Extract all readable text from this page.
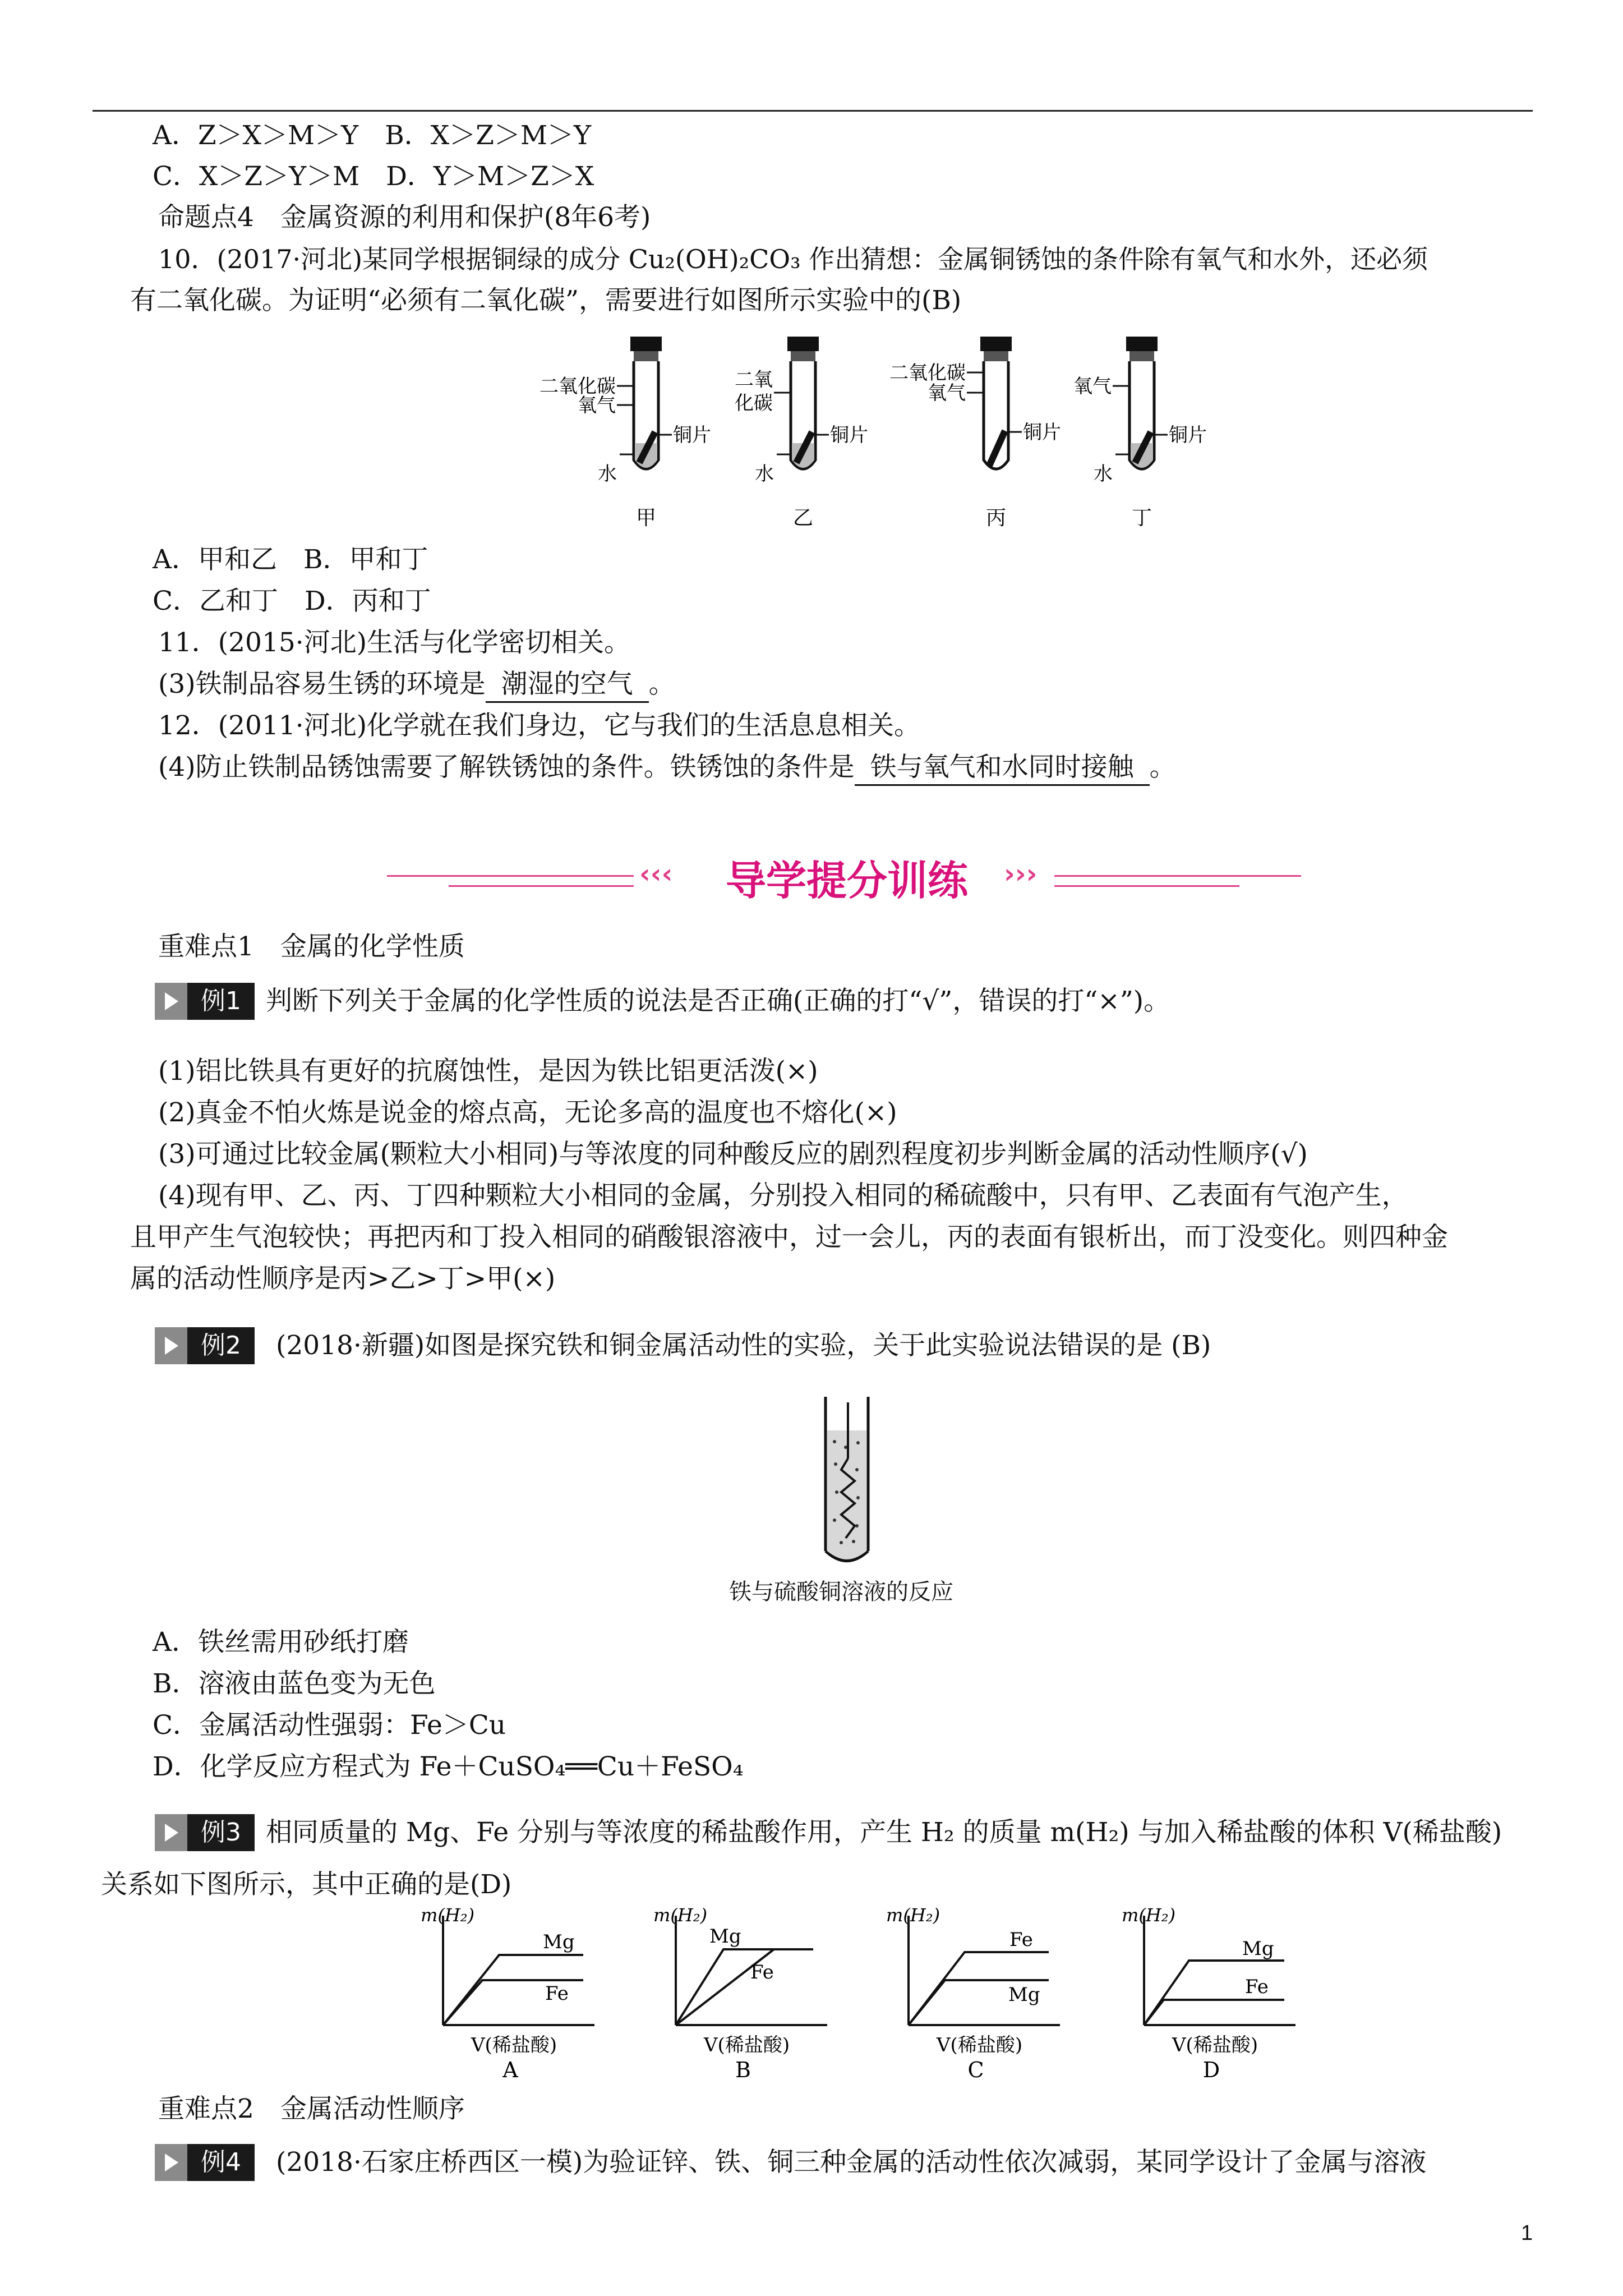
A．Z＞X＞M＞Y　B．X＞Z＞M＞Y
C．X＞Z＞Y＞M　D．Y＞M＞Z＞X
命题点4　金属资源的利用和保护(8年6考)
10．(2017·河北)某同学根据铜绿的成分 Cu₂(OH)₂CO₃ 作出猜想：金属铜锈蚀的条件除有氧气和水外，还必须
有二氧化碳。为证明“必须有二氧化碳”，需要进行如图所示实验中的(B)
二氧化碳
氧气
铜片
水
甲
二氧
化碳
铜片
水
乙
二氧化碳
氧气
铜片
丙
氧气
铜片
水
丁
A．甲和乙　B．甲和丁
C．乙和丁　D．丙和丁
11．(2015·河北)生活与化学密切相关。
(3)铁制品容易生锈的环境是 潮湿的空气 。
12．(2011·河北)化学就在我们身边，它与我们的生活息息相关。
(4)防止铁制品锈蚀需要了解铁锈蚀的条件。铁锈蚀的条件是 铁与氧气和水同时接触 。
‹‹‹	›››
导学提分训练
重难点1　金属的化学性质
例1 判断下列关于金属的化学性质的说法是否正确(正确的打“√”，错误的打“×”)。
(1)铝比铁具有更好的抗腐蚀性，是因为铁比铝更活泼(×)
(2)真金不怕火炼是说金的熔点高，无论多高的温度也不熔化(×)
(3)可通过比较金属(颗粒大小相同)与等浓度的同种酸反应的剧烈程度初步判断金属的活动性顺序(√)
(4)现有甲、乙、丙、丁四种颗粒大小相同的金属，分别投入相同的稀硫酸中，只有甲、乙表面有气泡产生，
且甲产生气泡较快；再把丙和丁投入相同的硝酸银溶液中，过一会儿，丙的表面有银析出，而丁没变化。则四种金
属的活动性顺序是丙>乙>丁>甲(×)
例2	(2018·新疆)如图是探究铁和铜金属活动性的实验，关于此实验说法错误的是 (B)
铁与硫酸铜溶液的反应
A．铁丝需用砂纸打磨
B．溶液由蓝色变为无色
C．金属活动性强弱：Fe＞Cu
D．化学反应方程式为 Fe＋CuSO₄══Cu＋FeSO₄
例3 相同质量的 Mg、Fe 分别与等浓度的稀盐酸作用，产生 H₂ 的质量 m(H₂) 与加入稀盐酸的体积 V(稀盐酸)
关系如下图所示，其中正确的是(D)
m(H₂)
Mg
Fe
V(稀盐酸)
A
m(H₂)
Mg
Fe
V(稀盐酸)
B
m(H₂)
Fe
Mg
V(稀盐酸)
C
m(H₂)
Mg
Fe
V(稀盐酸)
D
重难点2　金属活动性顺序
例4	(2018·石家庄桥西区一模)为验证锌、铁、铜三种金属的活动性依次减弱，某同学设计了金属与溶液
1
